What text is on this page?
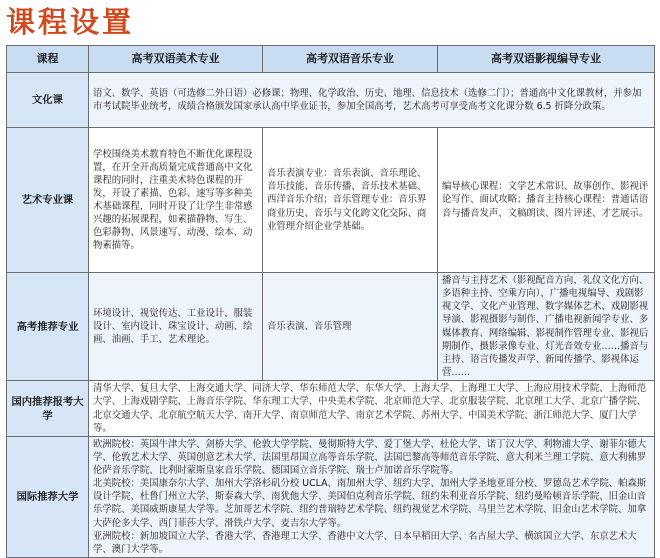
课程设置
课程	高考双语美术专业	高考双语音乐专业	高考双语影视编导专业
文化课	语文、数学、英语（可选修二外日语）必修课；物理、化学政治、历史、地理、信息技术（选修二门）；普通高中文化课教材，并参加市考试院毕业统考，成绩合格颁发国家承认高中毕业证书，参加全国高考，艺术高考可享受高考文化课分数 6.5 折降分政策。		
艺术专业课	学校围绕美术教育特色不断优化课程设置，在开全开高质量完成普通高中文化课程的同时，注重美术特色课程的开发，开设了素描、色彩、速写等多种美术基础课程，同时开设了让学生非常感兴趣的拓展课程，如素描静物、写生、色彩静物、风景速写、动漫、绘本、动物素描等。	音乐表演专业：音乐表演、音乐理论、音乐技能、音乐传播、音乐技术基础、西洋音乐介绍；音乐管理专业：音乐界商业历史、音乐与文化跨文化交际、商业管理介绍企业学基础。	编导核心课程：文学艺术常识、故事创作、影视评论写作、面试攻略；播音主持核心课程：普通话语音与播音发声、文稿朗读、图片评述、才艺展示。
高考推荐专业	环境设计、视觉传达、工业设计、服装设计、室内设计、珠宝设计、动画、绘画、油画、手工、艺术理论。	音乐表演、音乐管理	播音与主持艺术（影视配音方向、礼仪文化方向、多语种主持、空乘方向）、广播电视编导、戏剧影视文学、文化产业管理、数字媒体艺术、戏剧影视导演、影视摄影与制作、广播电视新闻学专业、多媒体教育、网络编辑、影视制作管理专业、影视后期制作、摄影录像专业、灯光音效专业……播音与主持、语言传播发声学、新闻传播学、影视体运营……
国内推荐报考大学	清华大学、复旦大学、上海交通大学、同济大学、华东师范大学、东华大学、上海大学、上海理工大学、上海应用技术学院、上海师范大学、上海戏剧学院、上海音乐学院、华东理工大学、中央美术学院、北京师范大学、北京服装学院、北京理工大学、北京广播学院、北京交通大学、北京航空航天大学、南开大学、南京师范大学、南京艺术学院、苏州大学、中国美术学院、浙江师范大学、厦门大学等。		
国际推荐大学	欧洲院校：英国牛津大学、剑桥大学、伦敦大学学院、曼彻斯特大学、爱丁堡大学、杜伦大学、诺丁汉大学、利物浦大学、谢菲尔德大学、伦敦艺术大学、英国创意艺术大学、法国里昂国立高等音乐学院、法国巴黎高等师范音乐学院、意大利米兰理工学院、意大利佛罗伦萨音乐学院、比利时蒙斯皇家音乐学院、德国国立音乐学院、瑞士卢加诺音乐学院等。
北美院校：美国康奈尔大学、加州大学洛杉矶分校 UCLA、南加州大学、纽约大学、加州大学圣地亚哥分校、罗德岛艺术学院、帕森斯设计学院、杜鲁门州立大学、斯泰森大学、南犹他大学、美国伯克利音乐学院、纽约朱利亚音乐学院、纽约曼哈顿音乐学院、旧金山音乐学院、美国威斯康星大学等。芝加哥艺术学院、纽约普瑞特艺术学院、纽约视觉艺术学院、马里兰艺术学院、旧金山艺术学院、加拿大萨伦多大学、西门菲莎大学、滑铁卢大学、麦吉尔大学等。
亚洲院校：新加坡国立大学、香港大学、香港理工大学、香港中文大学、日本早稻田大学、名古屋大学、横滨国立大学、东京艺术大学、澳门大学等。		
